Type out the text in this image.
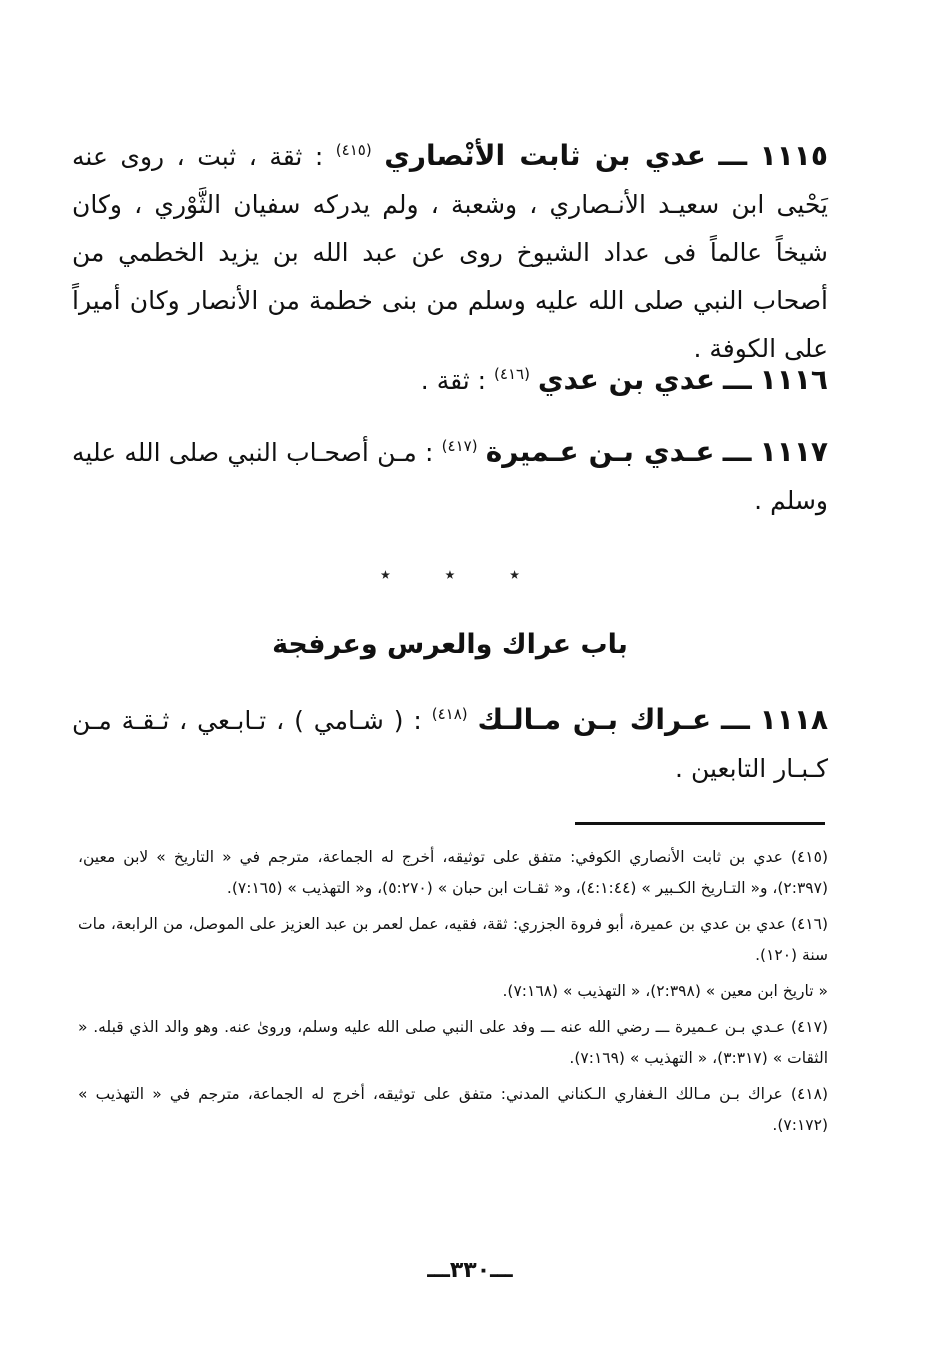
١١١٥ ـــ عدي بن ثابت الأنْصاري $^{(٤١٥)}$ : ثقة ، ثبت ، روى عنه يَحْيى ابن سعيـد الأنـصاري ، وشعبة ، ولم يدركه سفيان الثَّوْري ، وكان شيخاً عالماً فى عداد الشيوخ روى عن عبد الله بن يزيد الخطمي من أصحاب النبي صلى الله عليه وسلم من بنى خطمة من الأنصار وكان أميراً على الكوفة .
١١١٦ ـــ عدي بن عدي $^{(٤١٦)}$ : ثقة .
١١١٧ ـــ عـدي بـن عـميرة $^{(٤١٧)}$ : مـن أصحـاب النبي صلى الله عليه وسلم .
٭	٭	٭
باب عراك والعرس وعرفجة
١١١٨ ـــ عـراك بـن مـالـك $^{(٤١٨)}$ : ( شـامي ) ، تـابـعي ، ثـقـة مـن كـبـار التابعين .

(٤١٥) عدي بن ثابت الأنصاري الكوفي: متفق على توثيقه، أخرج له الجماعة، مترجم في « التاريخ » لابن معين، (٢:٣٩٧)، و« التـاريخ الكـبير » (٤:١:٤٤)، و« ثقـات ابن حبان » (٥:٢٧٠)، و« التهذيب » (٧:١٦٥).

(٤١٦) عدي بن عدي بن عميرة، أبو فروة الجزري: ثقة، فقيه، عمل لعمر بن عبد العزيز على الموصل، من الرابعة، مات سنة (١٢٠).

« تاريخ ابن معين » (٢:٣٩٨)، « التهذيب » (٧:١٦٨).

(٤١٧) عـدي بـن عـميرة ـــ رضي الله عنه ـــ وفد على النبي صلى الله عليه وسلم، وروىٰ عنه. وهو والد الذي قبله. « الثقات » (٣:٣١٧)، « التهذيب » (٧:١٦٩).

(٤١٨) عراك بـن مـالك الـغفاري الـكناني المدني: متفق على توثيقه، أخرج له الجماعة، مترجم في « التهذيب » (٧:١٧٢).

ـــ٣٣٠ـــ
